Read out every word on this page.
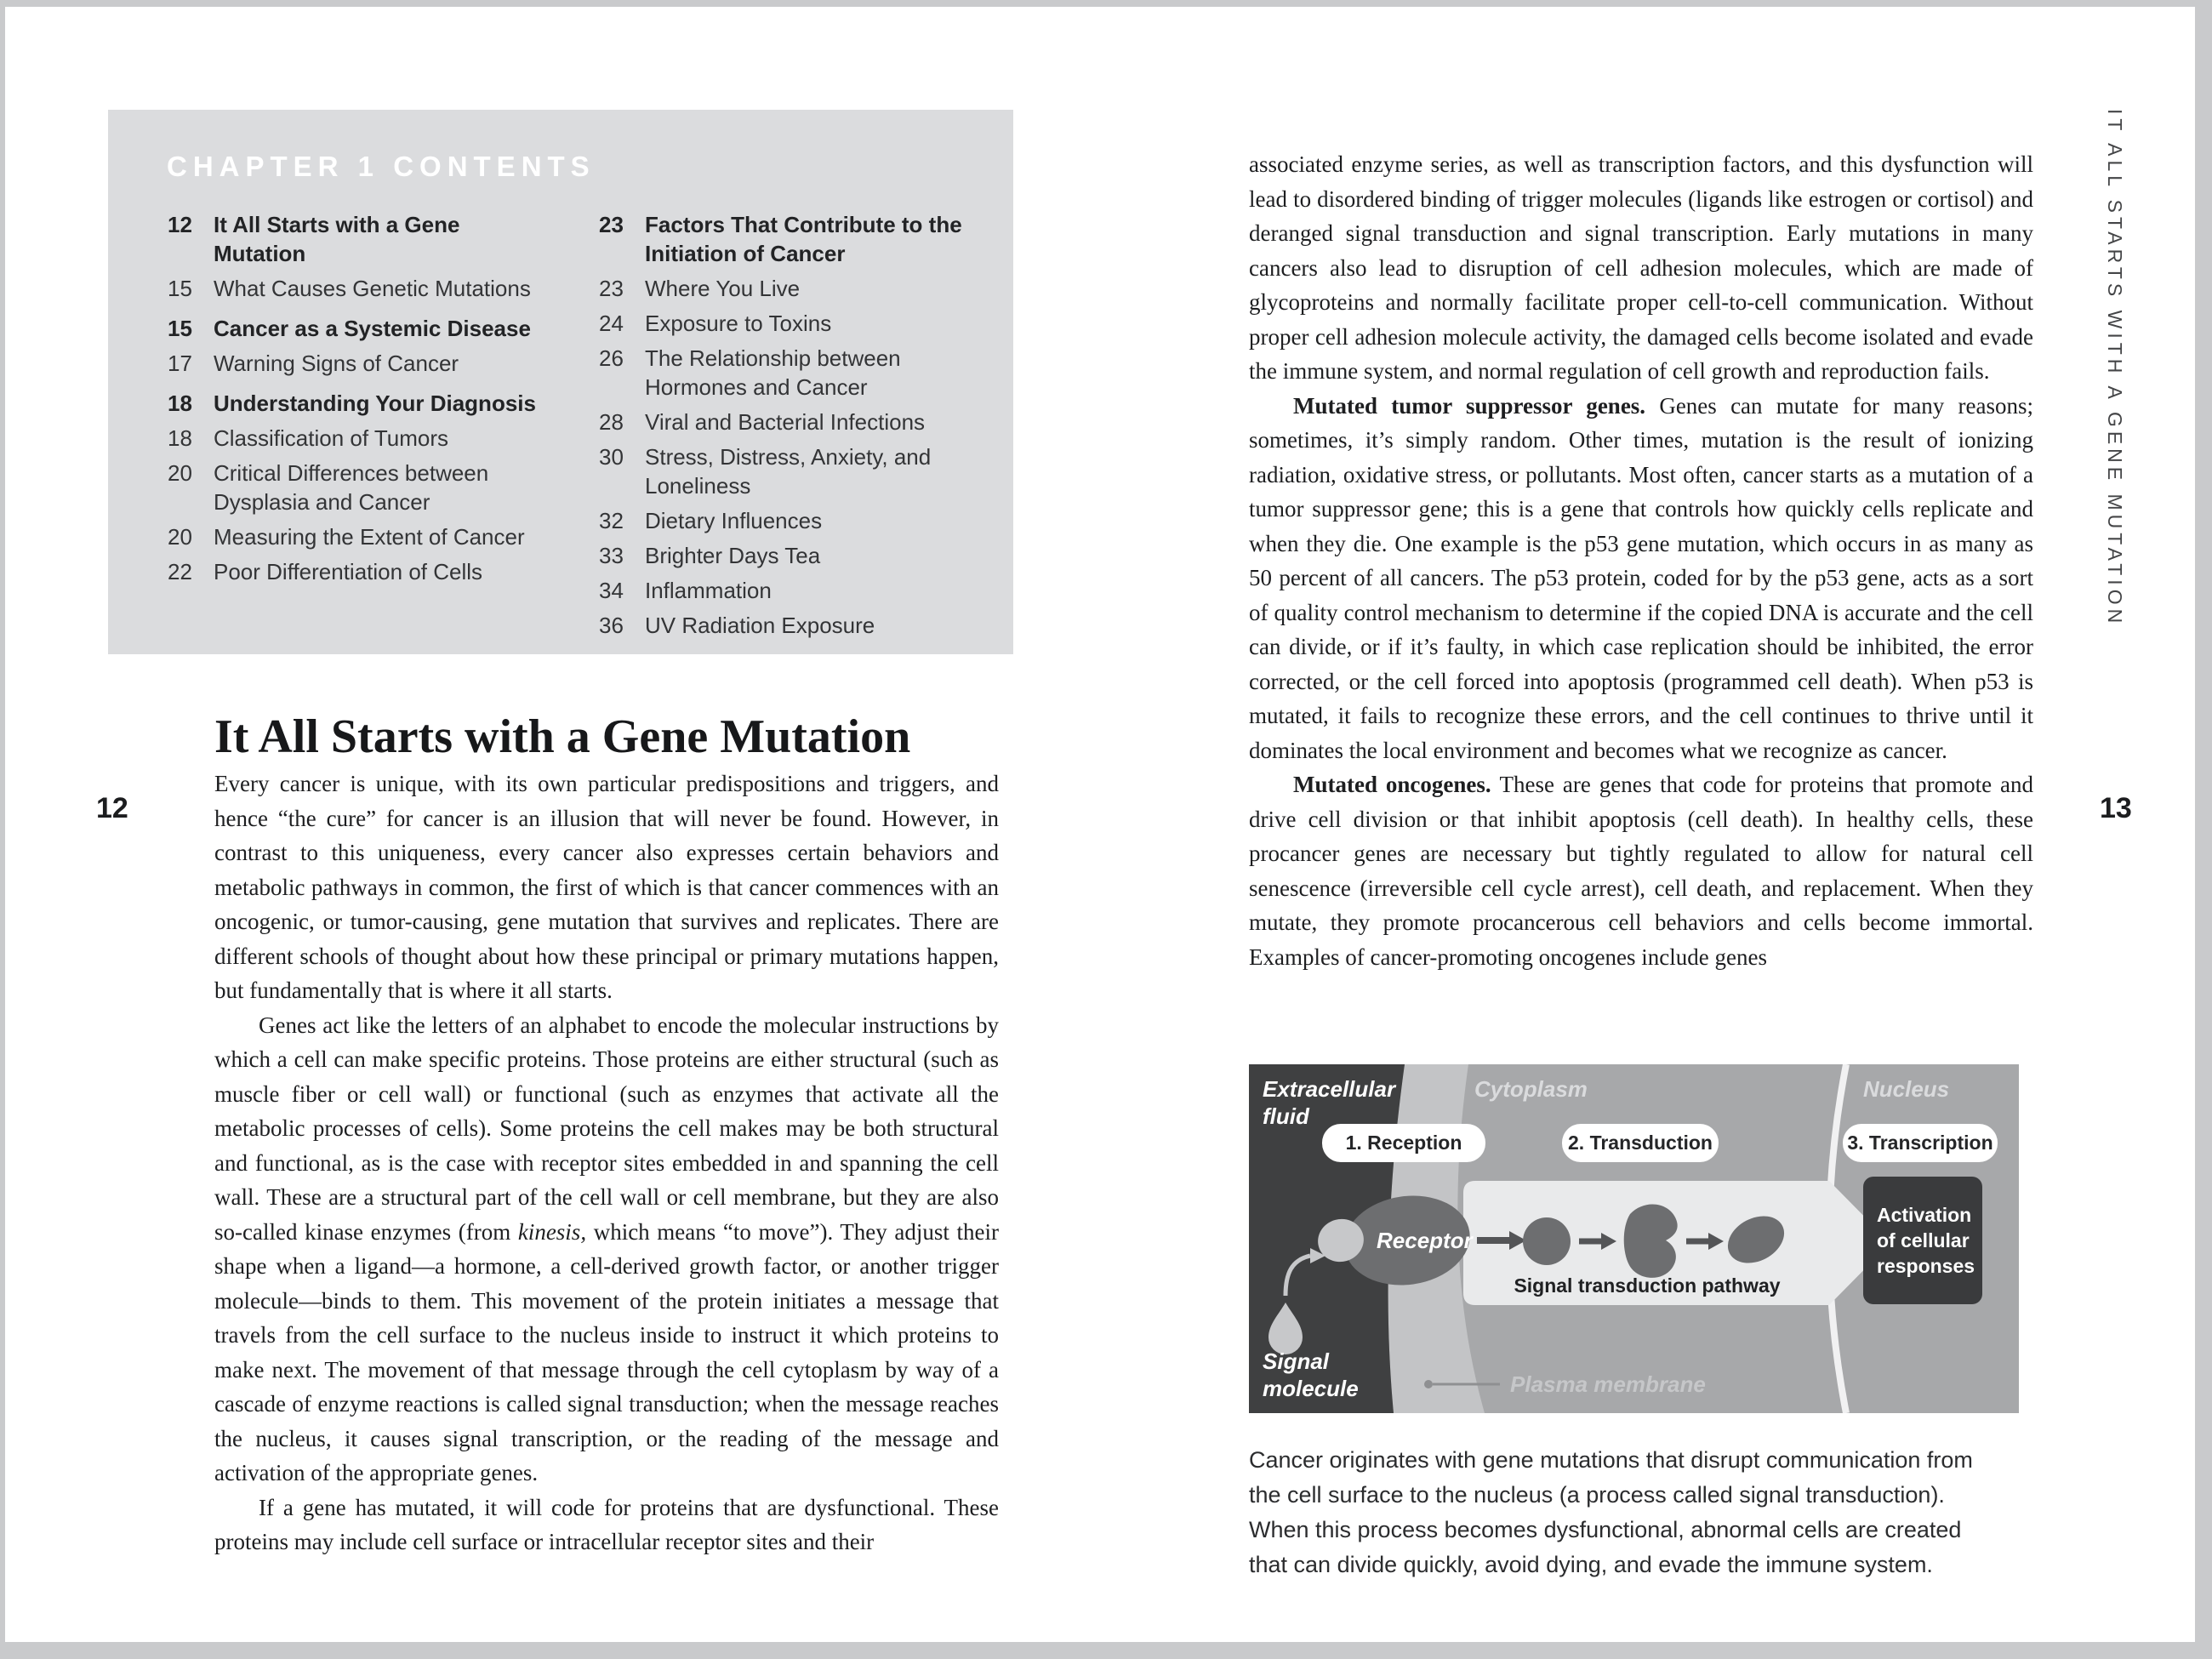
CHAPTER 1 CONTENTS
12 It All Starts with a Gene Mutation
15 What Causes Genetic Mutations
15 Cancer as a Systemic Disease
17 Warning Signs of Cancer
18 Understanding Your Diagnosis
18 Classification of Tumors
20 Critical Differences between Dysplasia and Cancer
20 Measuring the Extent of Cancer
22 Poor Differentiation of Cells
23 Factors That Contribute to the Initiation of Cancer
23 Where You Live
24 Exposure to Toxins
26 The Relationship between Hormones and Cancer
28 Viral and Bacterial Infections
30 Stress, Distress, Anxiety, and Loneliness
32 Dietary Influences
33 Brighter Days Tea
34 Inflammation
36 UV Radiation Exposure
12
It All Starts with a Gene Mutation

Every cancer is unique, with its own particular predispositions and triggers, and hence “the cure” for cancer is an illusion that will never be found. However, in contrast to this uniqueness, every cancer also expresses certain behaviors and metabolic pathways in common, the first of which is that cancer commences with an oncogenic, or tumor-causing, gene mutation that survives and replicates. There are different schools of thought about how these principal or primary mutations happen, but fundamentally that is where it all starts.

Genes act like the letters of an alphabet to encode the molecular instructions by which a cell can make specific proteins. Those proteins are either structural (such as muscle fiber or cell wall) or functional (such as enzymes that activate all the metabolic processes of cells). Some proteins the cell makes may be both structural and functional, as is the case with receptor sites embedded in and spanning the cell wall. These are a structural part of the cell wall or cell membrane, but they are also so-called kinase enzymes (from kinesis, which means “to move”). They adjust their shape when a ligand—a hormone, a cell-derived growth factor, or another trigger molecule—binds to them. This movement of the protein initiates a message that travels from the cell surface to the nucleus inside to instruct it which proteins to make next. The movement of that message through the cell cytoplasm by way of a cascade of enzyme reactions is called signal transduction; when the message reaches the nucleus, it causes signal transcription, or the reading of the message and activation of the appropriate genes.

If a gene has mutated, it will code for proteins that are dysfunctional. These proteins may include cell surface or intracellular receptor sites and their

associated enzyme series, as well as transcription factors, and this dysfunction will lead to disordered binding of trigger molecules (ligands like estrogen or cortisol) and deranged signal transduction and signal transcription. Early mutations in many cancers also lead to disruption of cell adhesion molecules, which are made of glycoproteins and normally facilitate proper cell-to-cell communication. Without proper cell adhesion molecule activity, the damaged cells become isolated and evade the immune system, and normal regulation of cell growth and reproduction fails.

Mutated tumor suppressor genes. Genes can mutate for many reasons; sometimes, it’s simply random. Other times, mutation is the result of ionizing radiation, oxidative stress, or pollutants. Most often, cancer starts as a mutation of a tumor suppressor gene; this is a gene that controls how quickly cells replicate and when they die. One example is the p53 gene mutation, which occurs in as many as 50 percent of all cancers. The p53 protein, coded for by the p53 gene, acts as a sort of quality control mechanism to determine if the copied DNA is accurate and the cell can divide, or if it’s faulty, in which case replication should be inhibited, the error corrected, or the cell forced into apoptosis (programmed cell death). When p53 is mutated, it fails to recognize these errors, and the cell continues to thrive until it dominates the local environment and becomes what we recognize as cancer.

Mutated oncogenes. These are genes that code for proteins that promote and drive cell division or that inhibit apoptosis (cell death). In healthy cells, these procancer genes are necessary but tightly regulated to allow for natural cell senescence (irreversible cell cycle arrest), cell death, and replacement. When they mutate, they promote procancerous cell behaviors and cells become immortal. Examples of cancer-promoting oncogenes include genes

Receptor
Signal transduction pathway
1. Reception	2. Transduction	3. Transcription
Activation
of cellular
responses
Extracellular
fluid
Cytoplasm	Nucleus
Signal
molecule	Plasma membrane
Cancer originates with gene mutations that disrupt communication from the cell surface to the nucleus (a process called signal transduction). When this process becomes dysfunctional, abnormal cells are created that can divide quickly, avoid dying, and evade the immune system.
13
IT ALL STARTS WITH A GENE MUTATION
